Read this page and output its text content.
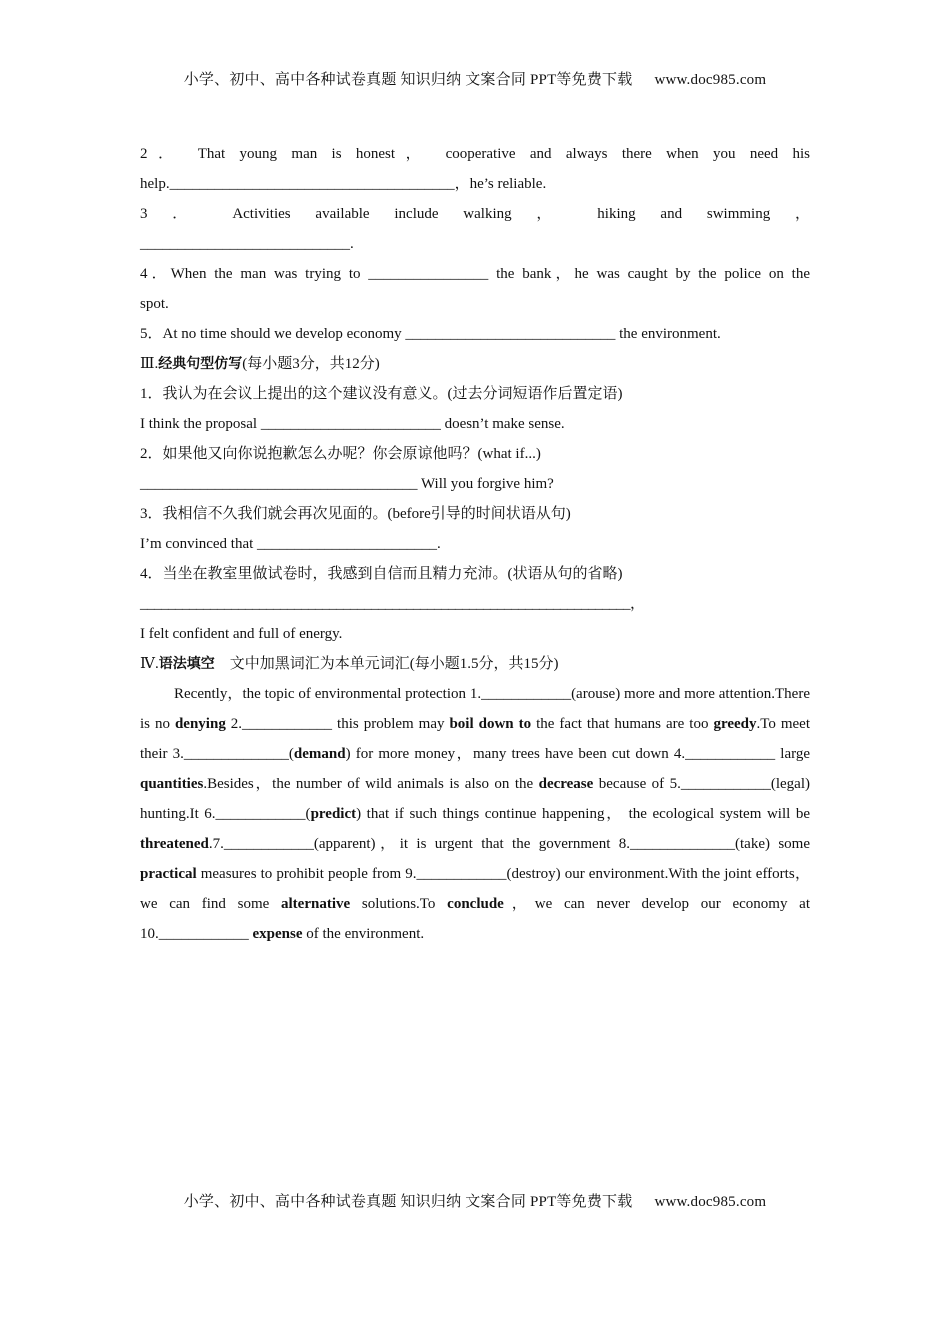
小学、初中、高中各种试卷真题 知识归纳 文案合同 PPT等免费下载 www.doc985.com
2． That young man is honest， cooperative and always there when you need his
help.______________________________________，he’s reliable.
3 ． Activities available include walking ， hiking and swimming ，
____________________________.
4．When the man was trying to ________________ the bank，he was caught by the police on the
spot.
5．At no time should we develop economy ____________________________ the environment.
Ⅲ.经典句型仿写(每小题3分，共12分)
1．我认为在会议上提出的这个建议没有意义。(过去分词短语作后置定语)
I think the proposal ________________________ doesn’t make sense.
2．如果他又向你说抱歉怎么办呢？你会原谅他吗？(what if...)
_____________________________________ Will you forgive him?
3．我相信不久我们就会再次见面的。(before引导的时间状语从句)
I’m convinced that ________________________.
4．当坐在教室里做试卷时，我感到自信而且精力充沛。(状语从句的省略)
______________________________________________________________________，
I felt confident and full of energy.
Ⅳ.语法填空　文中加黑词汇为本单元词汇(每小题1.5分，共15分)
Recently，the topic of environmental protection 1.____________(arouse) more and more attention.There is no denying 2.____________ this problem may boil down to the fact that humans are too greedy.To meet their 3.______________(demand) for more money，many trees have been cut down 4.____________ large quantities.Besides，the number of wild animals is also on the decrease because of 5.____________(legal) hunting.It 6.____________(predict) that if such things continue happening， the ecological system will be threatened.7.____________(apparent)，it is urgent that the government 8.______________(take) some practical measures to prohibit people from 9.____________(destroy) our environment.With the joint efforts，we can find some alternative solutions.To conclude，we can never develop our economy at 10.____________ expense of the environment.
小学、初中、高中各种试卷真题 知识归纳 文案合同 PPT等免费下载 www.doc985.com
